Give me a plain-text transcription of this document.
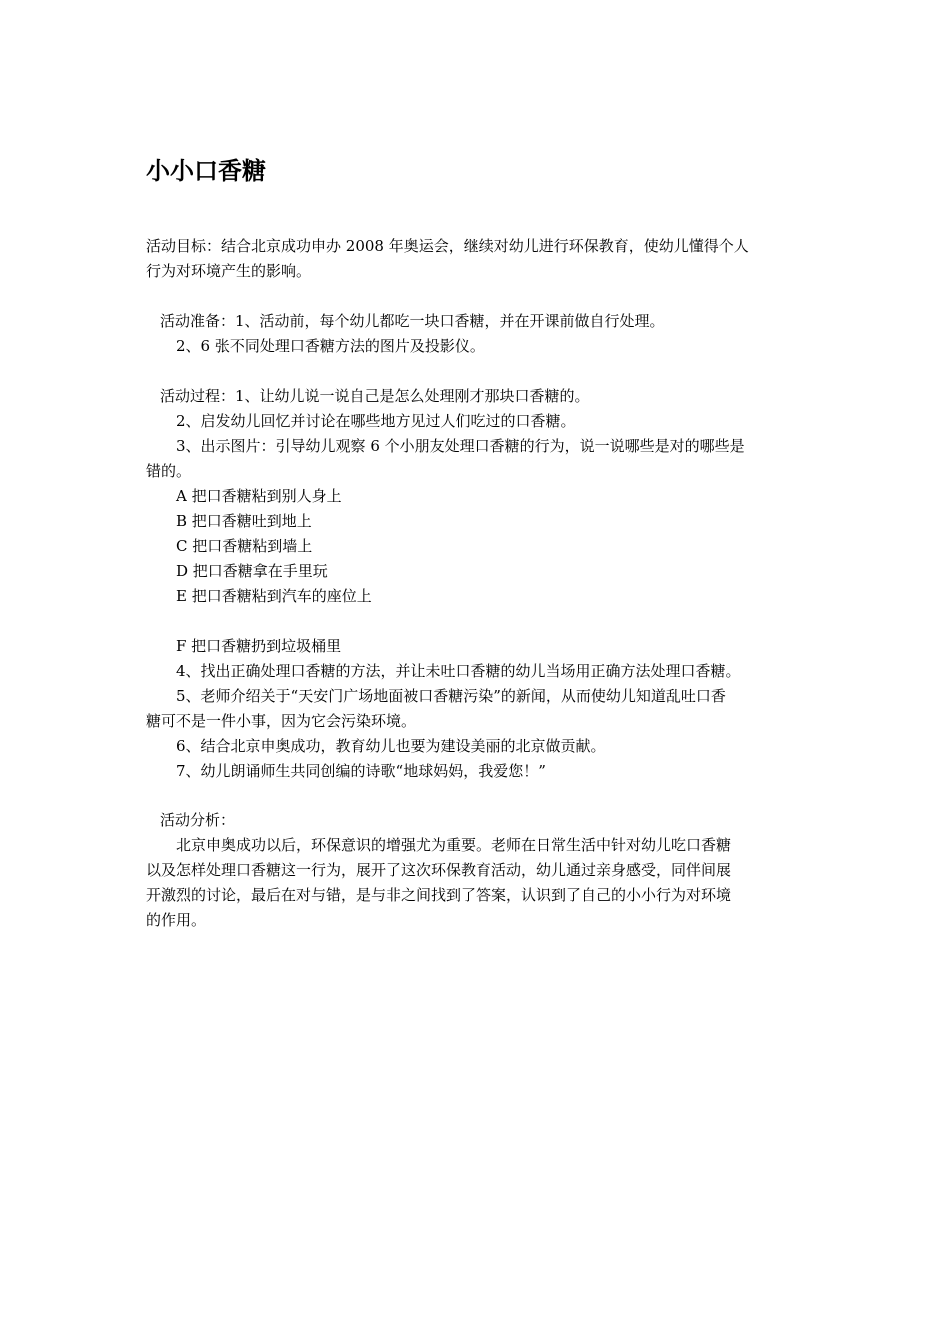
小小口香糖

活动目标：结合北京成功申办 2008 年奥运会，继续对幼儿进行环保教育，使幼儿懂得个人

行为对环境产生的影响。

活动准备：1、活动前，每个幼儿都吃一块口香糖，并在开课前做自行处理。

2、6 张不同处理口香糖方法的图片及投影仪。

活动过程：1、让幼儿说一说自己是怎么处理刚才那块口香糖的。

2、启发幼儿回忆并讨论在哪些地方见过人们吃过的口香糖。

3、出示图片：引导幼儿观察 6 个小朋友处理口香糖的行为，说一说哪些是对的哪些是

错的。

A 把口香糖粘到别人身上

B 把口香糖吐到地上

C 把口香糖粘到墙上

D 把口香糖拿在手里玩

E 把口香糖粘到汽车的座位上

F 把口香糖扔到垃圾桶里

4、找出正确处理口香糖的方法，并让未吐口香糖的幼儿当场用正确方法处理口香糖。

5、老师介绍关于“天安门广场地面被口香糖污染”的新闻，从而使幼儿知道乱吐口香

糖可不是一件小事，因为它会污染环境。

6、结合北京申奥成功，教育幼儿也要为建设美丽的北京做贡献。

7、幼儿朗诵师生共同创编的诗歌“地球妈妈，我爱您！”

活动分析：

北京申奥成功以后，环保意识的增强尤为重要。老师在日常生活中针对幼儿吃口香糖

以及怎样处理口香糖这一行为，展开了这次环保教育活动，幼儿通过亲身感受，同伴间展

开激烈的讨论，最后在对与错，是与非之间找到了答案，认识到了自己的小小行为对环境

的作用。
